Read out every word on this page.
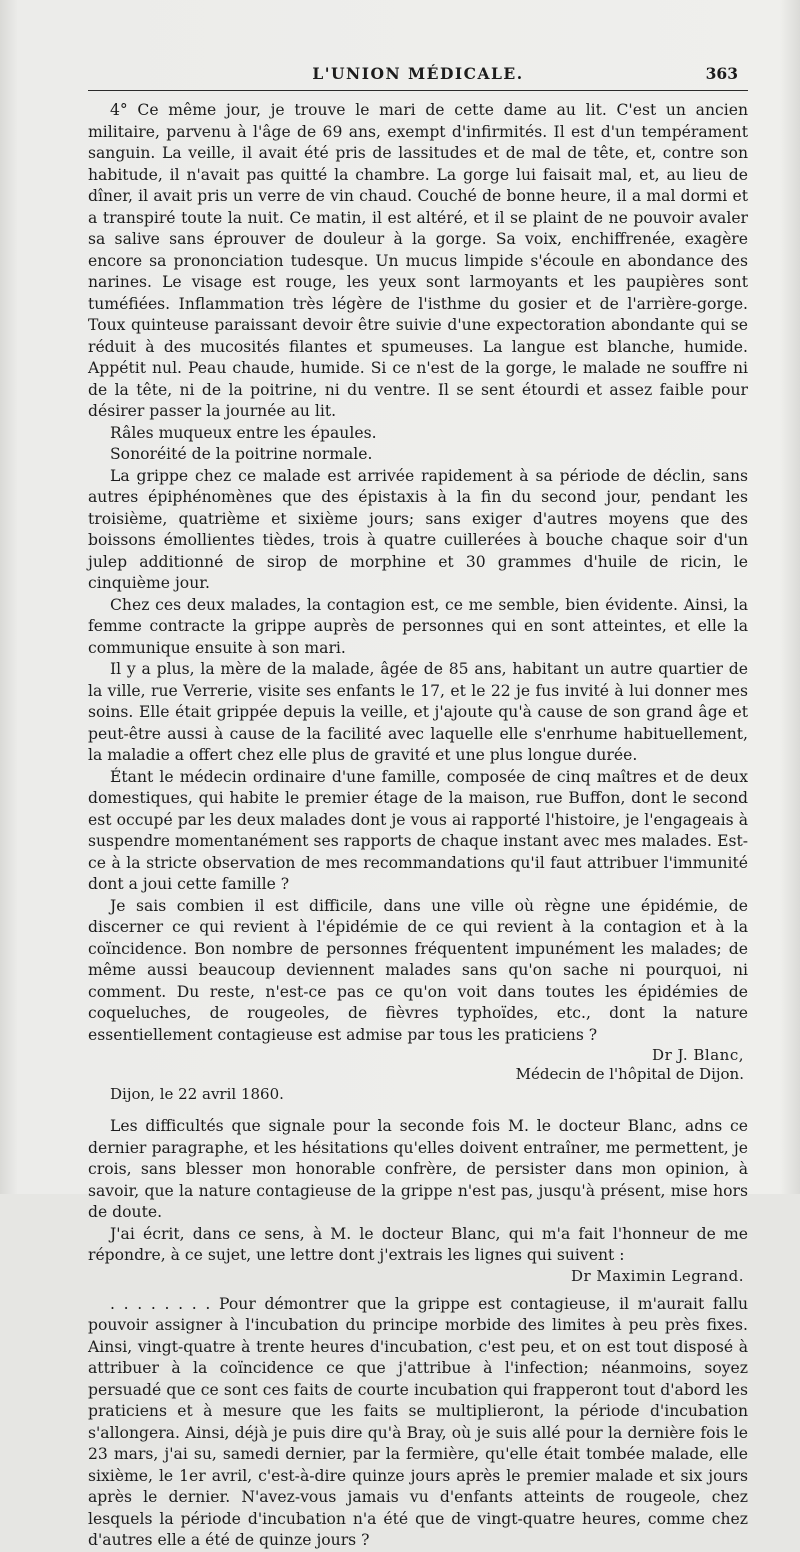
L'UNION MÉDICALE.	363

4° Ce même jour, je trouve le mari de cette dame au lit. C'est un ancien militaire, parvenu à l'âge de 69 ans, exempt d'infirmités. Il est d'un tempérament sanguin. La veille, il avait été pris de lassitudes et de mal de tête, et, contre son habitude, il n'avait pas quitté la chambre. La gorge lui faisait mal, et, au lieu de dîner, il avait pris un verre de vin chaud. Couché de bonne heure, il a mal dormi et a transpiré toute la nuit. Ce matin, il est altéré, et il se plaint de ne pouvoir avaler sa salive sans éprouver de douleur à la gorge. Sa voix, enchiffrenée, exagère encore sa prononciation tudesque. Un mucus limpide s'écoule en abondance des narines. Le visage est rouge, les yeux sont larmoyants et les paupières sont tuméfiées. Inflammation très légère de l'isthme du gosier et de l'arrière-gorge. Toux quinteuse paraissant devoir être suivie d'une expectoration abondante qui se réduit à des mucosités filantes et spumeuses. La langue est blanche, humide. Appétit nul. Peau chaude, humide. Si ce n'est de la gorge, le malade ne souffre ni de la tête, ni de la poitrine, ni du ventre. Il se sent étourdi et assez faible pour désirer passer la journée au lit.

Râles muqueux entre les épaules.

Sonoréité de la poitrine normale.

La grippe chez ce malade est arrivée rapidement à sa période de déclin, sans autres épiphénomènes que des épistaxis à la fin du second jour, pendant les troisième, quatrième et sixième jours; sans exiger d'autres moyens que des boissons émollientes tièdes, trois à quatre cuillerées à bouche chaque soir d'un julep additionné de sirop de morphine et 30 grammes d'huile de ricin, le cinquième jour.

Chez ces deux malades, la contagion est, ce me semble, bien évidente. Ainsi, la femme contracte la grippe auprès de personnes qui en sont atteintes, et elle la communique ensuite à son mari.

Il y a plus, la mère de la malade, âgée de 85 ans, habitant un autre quartier de la ville, rue Verrerie, visite ses enfants le 17, et le 22 je fus invité à lui donner mes soins. Elle était grippée depuis la veille, et j'ajoute qu'à cause de son grand âge et peut-être aussi à cause de la facilité avec laquelle elle s'enrhume habituellement, la maladie a offert chez elle plus de gravité et une plus longue durée.

Étant le médecin ordinaire d'une famille, composée de cinq maîtres et de deux domestiques, qui habite le premier étage de la maison, rue Buffon, dont le second est occupé par les deux malades dont je vous ai rapporté l'histoire, je l'engageais à suspendre momentanément ses rapports de chaque instant avec mes malades. Est-ce à la stricte observation de mes recommandations qu'il faut attribuer l'immunité dont a joui cette famille ?

Je sais combien il est difficile, dans une ville où règne une épidémie, de discerner ce qui revient à l'épidémie de ce qui revient à la contagion et à la coïncidence. Bon nombre de personnes fréquentent impunément les malades; de même aussi beaucoup deviennent malades sans qu'on sache ni pourquoi, ni comment. Du reste, n'est-ce pas ce qu'on voit dans toutes les épidémies de coqueluches, de rougeoles, de fièvres typhoïdes, etc., dont la nature essentiellement contagieuse est admise par tous les praticiens ?

Dr J. Blanc,

Médecin de l'hôpital de Dijon.

Dijon, le 22 avril 1860.

Les difficultés que signale pour la seconde fois M. le docteur Blanc, adns ce dernier paragraphe, et les hésitations qu'elles doivent entraîner, me permettent, je crois, sans blesser mon honorable confrère, de persister dans mon opinion, à savoir, que la nature contagieuse de la grippe n'est pas, jusqu'à présent, mise hors de doute.

J'ai écrit, dans ce sens, à M. le docteur Blanc, qui m'a fait l'honneur de me répondre, à ce sujet, une lettre dont j'extrais les lignes qui suivent :

Dr Maximin Legrand.

. . . . . . . . Pour démontrer que la grippe est contagieuse, il m'aurait fallu pouvoir assigner à l'incubation du principe morbide des limites à peu près fixes. Ainsi, vingt-quatre à trente heures d'incubation, c'est peu, et on est tout disposé à attribuer à la coïncidence ce que j'attribue à l'infection; néanmoins, soyez persuadé que ce sont ces faits de courte incubation qui frapperont tout d'abord les praticiens et à mesure que les faits se multiplieront, la période d'incubation s'allongera. Ainsi, déjà je puis dire qu'à Bray, où je suis allé pour la dernière fois le 23 mars, j'ai su, samedi dernier, par la fermière, qu'elle était tombée malade, elle sixième, le 1er avril, c'est-à-dire quinze jours après le premier malade et six jours après le dernier. N'avez-vous jamais vu d'enfants atteints de rougeole, chez lesquels la période d'incubation n'a été que de vingt-quatre heures, comme chez d'autres elle a été de quinze jours ?
